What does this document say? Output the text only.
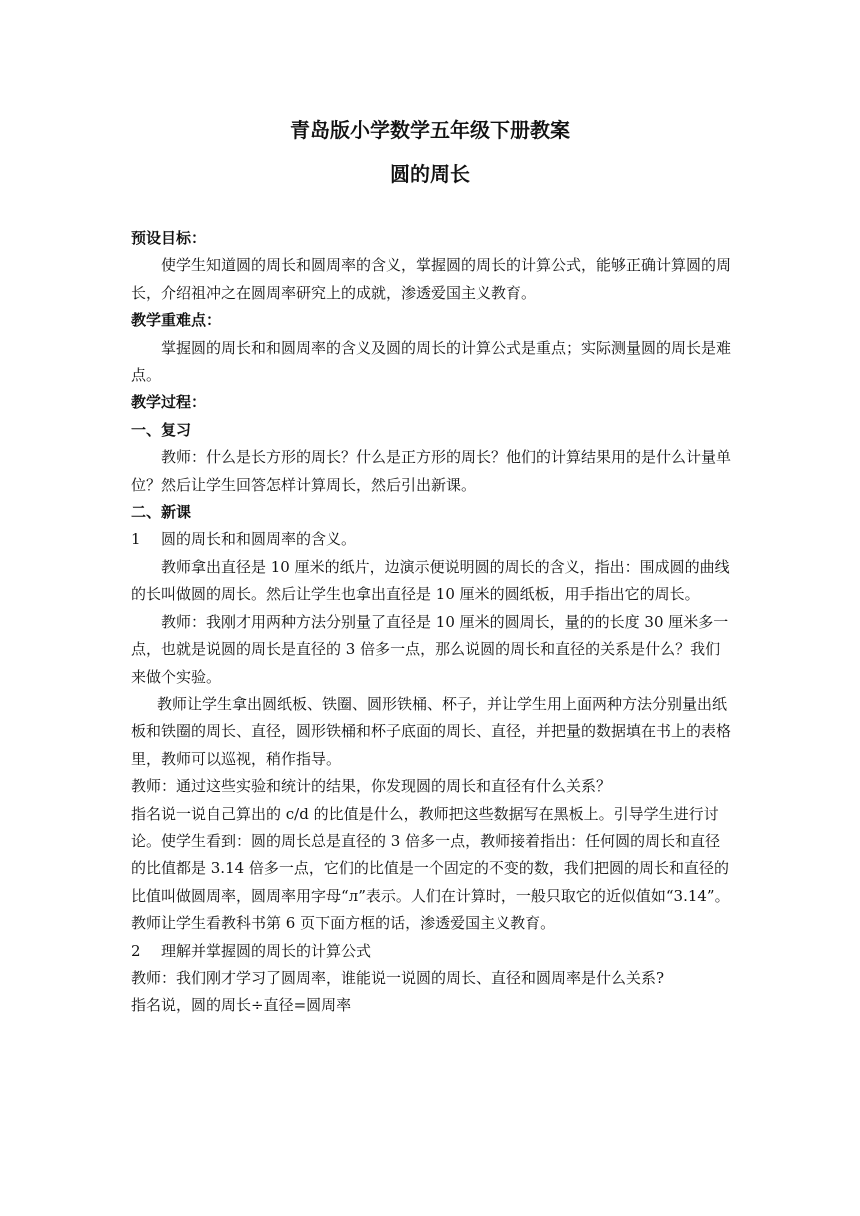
青岛版小学数学五年级下册教案
圆的周长

预设目标：

使学生知道圆的周长和圆周率的含义，掌握圆的周长的计算公式，能够正确计算圆的周长，介绍祖冲之在圆周率研究上的成就，渗透爱国主义教育。

教学重难点：

掌握圆的周长和和圆周率的含义及圆的周长的计算公式是重点；实际测量圆的周长是难点。

教学过程：

一、复习

教师：什么是长方形的周长？什么是正方形的周长？他们的计算结果用的是什么计量单位？然后让学生回答怎样计算周长，然后引出新课。

二、新课

1 圆的周长和和圆周率的含义。

教师拿出直径是 10 厘米的纸片，边演示便说明圆的周长的含义，指出：围成圆的曲线的长叫做圆的周长。然后让学生也拿出直径是 10 厘米的圆纸板，用手指出它的周长。

教师：我刚才用两种方法分别量了直径是 10 厘米的圆周长，量的的长度 30 厘米多一点，也就是说圆的周长是直径的 3 倍多一点，那么说圆的周长和直径的关系是什么？我们来做个实验。

教师让学生拿出圆纸板、铁圈、圆形铁桶、杯子，并让学生用上面两种方法分别量出纸板和铁圈的周长、直径，圆形铁桶和杯子底面的周长、直径，并把量的数据填在书上的表格里，教师可以巡视，稍作指导。

教师：通过这些实验和统计的结果，你发现圆的周长和直径有什么关系？

指名说一说自己算出的 c/d 的比值是什么，教师把这些数据写在黑板上。引导学生进行讨论。使学生看到：圆的周长总是直径的 3 倍多一点，教师接着指出：任何圆的周长和直径的比值都是 3.14 倍多一点，它们的比值是一个固定的不变的数，我们把圆的周长和直径的比值叫做圆周率，圆周率用字母“л”表示。人们在计算时，一般只取它的近似值如“3.14”。

教师让学生看教科书第 6 页下面方框的话，渗透爱国主义教育。

2 理解并掌握圆的周长的计算公式

教师：我们刚才学习了圆周率，谁能说一说圆的周长、直径和圆周率是什么关系?

指名说，圆的周长÷直径=圆周率
